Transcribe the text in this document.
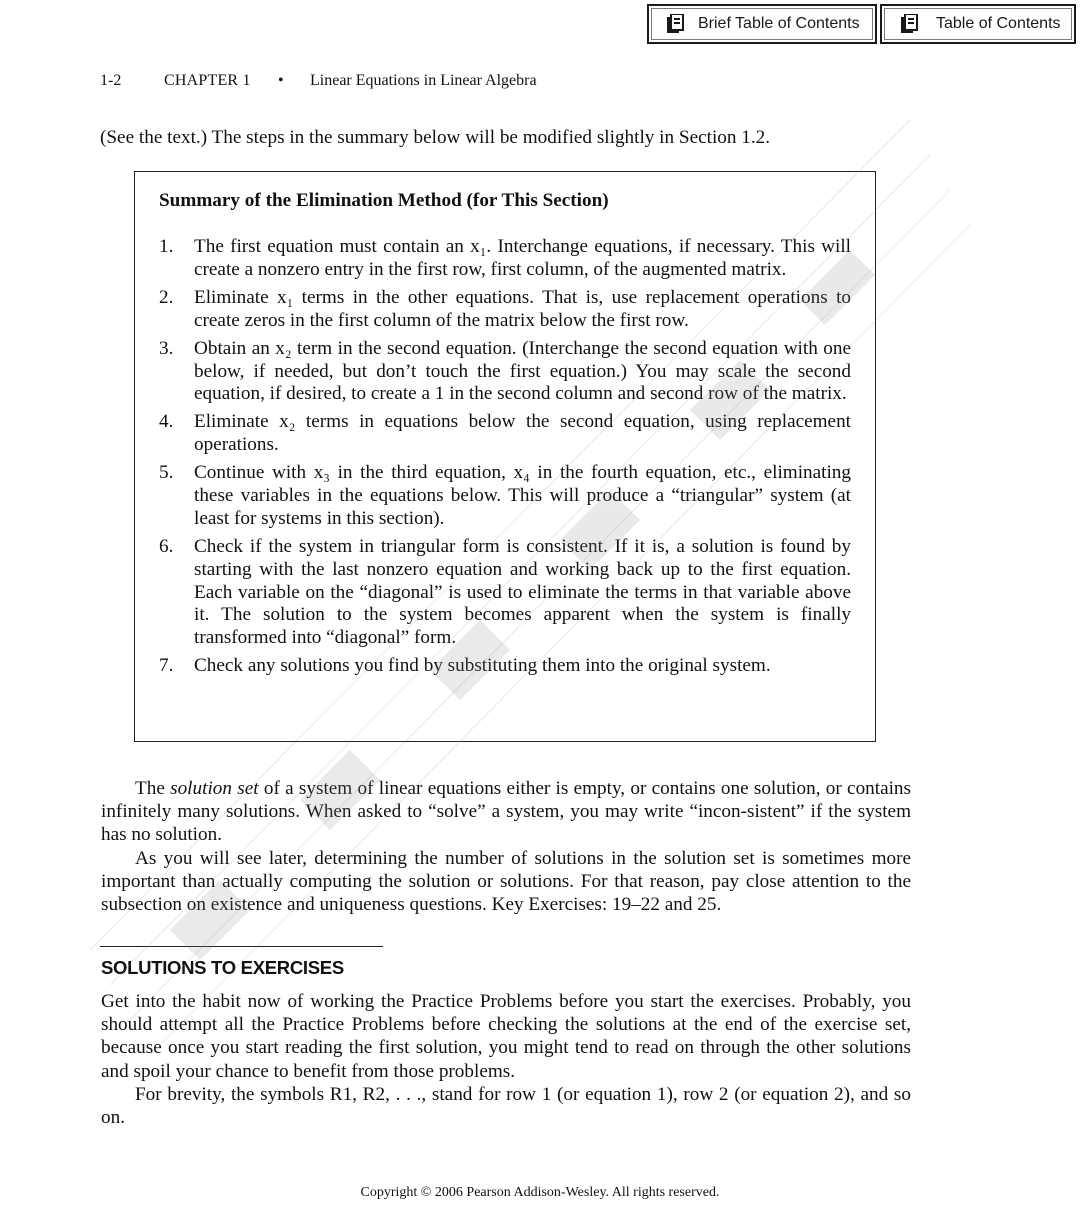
Brief Table of Contents	Table of Contents
1-2	CHAPTER 1 • Linear Equations in Linear Algebra
(See the text.) The steps in the summary below will be modified slightly in Section 1.2.
Summary of the Elimination Method (for This Section)
1. The first equation must contain an x₁. Interchange equations, if necessary. This will create a nonzero entry in the first row, first column, of the augmented matrix.
2. Eliminate x₁ terms in the other equations. That is, use replacement operations to create zeros in the first column of the matrix below the first row.
3. Obtain an x₂ term in the second equation. (Interchange the second equation with one below, if needed, but don’t touch the first equation.) You may scale the second equation, if desired, to create a 1 in the second column and second row of the matrix.
4. Eliminate x₂ terms in equations below the second equation, using replacement operations.
5. Continue with x₃ in the third equation, x₄ in the fourth equation, etc., eliminating these variables in the equations below. This will produce a “triangular” system (at least for systems in this section).
6. Check if the system in triangular form is consistent. If it is, a solution is found by starting with the last nonzero equation and working back up to the first equation. Each variable on the “diagonal” is used to eliminate the terms in that variable above it. The solution to the system becomes apparent when the system is finally transformed into “diagonal” form.
7. Check any solutions you find by substituting them into the original system.

The solution set of a system of linear equations either is empty, or contains one solution, or contains infinitely many solutions. When asked to “solve” a system, you may write “incon-sistent” if the system has no solution.

As you will see later, determining the number of solutions in the solution set is sometimes more important than actually computing the solution or solutions. For that reason, pay close attention to the subsection on existence and uniqueness questions. Key Exercises: 19–22 and 25.

SOLUTIONS TO EXERCISES

Get into the habit now of working the Practice Problems before you start the exercises. Probably, you should attempt all the Practice Problems before checking the solutions at the end of the exercise set, because once you start reading the first solution, you might tend to read on through the other solutions and spoil your chance to benefit from those problems.

For brevity, the symbols R1, R2, . . ., stand for row 1 (or equation 1), row 2 (or equation 2), and so on.

Copyright © 2006 Pearson Addison-Wesley. All rights reserved.
